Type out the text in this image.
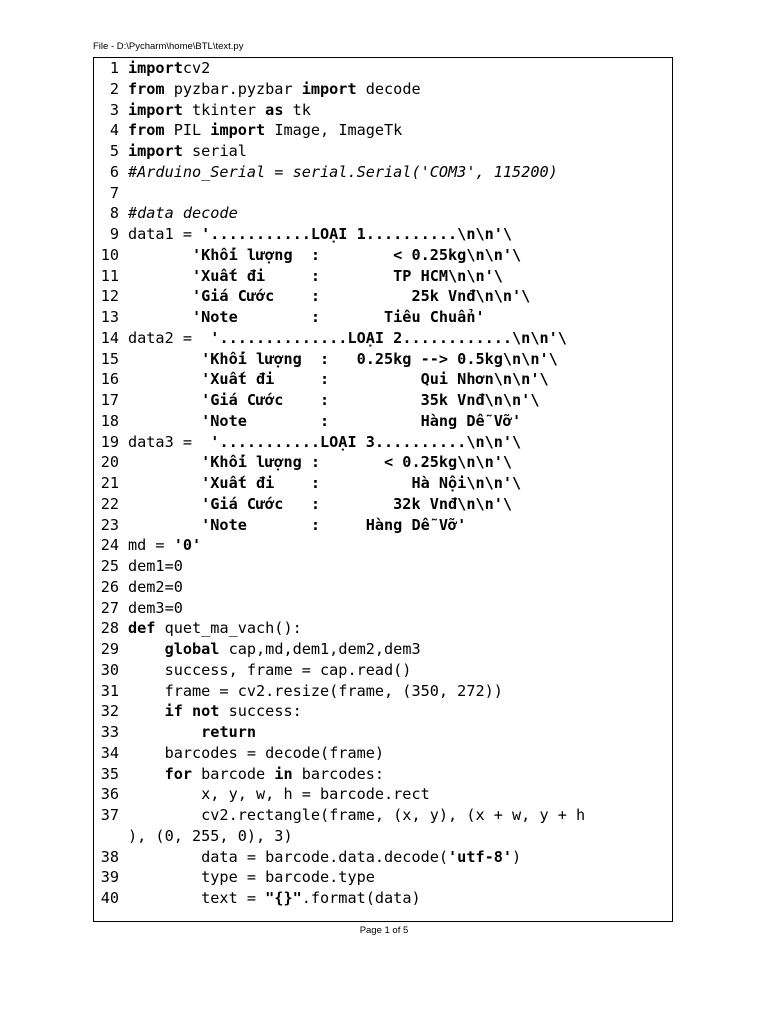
File - D:\Pycharm\home\BTL\text.py
1 importcv2
2 from pyzbar.pyzbar import decode
3 import tkinter as tk
4 from PIL import Image, ImageTk
5 import serial
6 #Arduino_Serial = serial.Serial('COM3', 115200)
7
8 #data decode
9 data1 = '...........LOẠI 1..........\n\n'\
10       'Khối lượng  :        < 0.25kg\n\n'\
11       'Xuất đi     :        TP HCM\n\n'\
12       'Giá Cước    :          25k Vnđ\n\n'\
13       'Note        :       Tiêu Chuẩn'
14 data2 =  '..............LOẠI 2............\n\n'\
15        'Khối lượng  :   0.25kg --> 0.5kg\n\n'\
16        'Xuất đi     :          Qui Nhơn\n\n'\
17        'Giá Cước    :          35k Vnđ\n\n'\
18        'Note        :          Hàng Dễ Vỡ'
19 data3 =  '...........LOẠI 3..........\n\n'\
20        'Khối lượng :       < 0.25kg\n\n'\
21        'Xuất đi    :          Hà Nội\n\n'\
22        'Giá Cước   :        32k Vnđ\n\n'\
23        'Note       :     Hàng Dễ Vỡ'
24 md = '0'
25 dem1=0
26 dem2=0
27 dem3=0
28 def quet_ma_vach():
29	global cap,md,dem1,dem2,dem3
30    success, frame = cap.read()
31    frame = cv2.resize(frame, (350, 272))
32	if not success:
33	return
34    barcodes = decode(frame)
35	for barcode in barcodes:
36        x, y, w, h = barcode.rect
37	cv2.rectangle(frame, (x, y), (x + w, y + h
), (0, 255, 0), 3)
38        data = barcode.data.decode('utf-8')
39        type = barcode.type
40        text = "{}".format(data)
Page 1 of 5
